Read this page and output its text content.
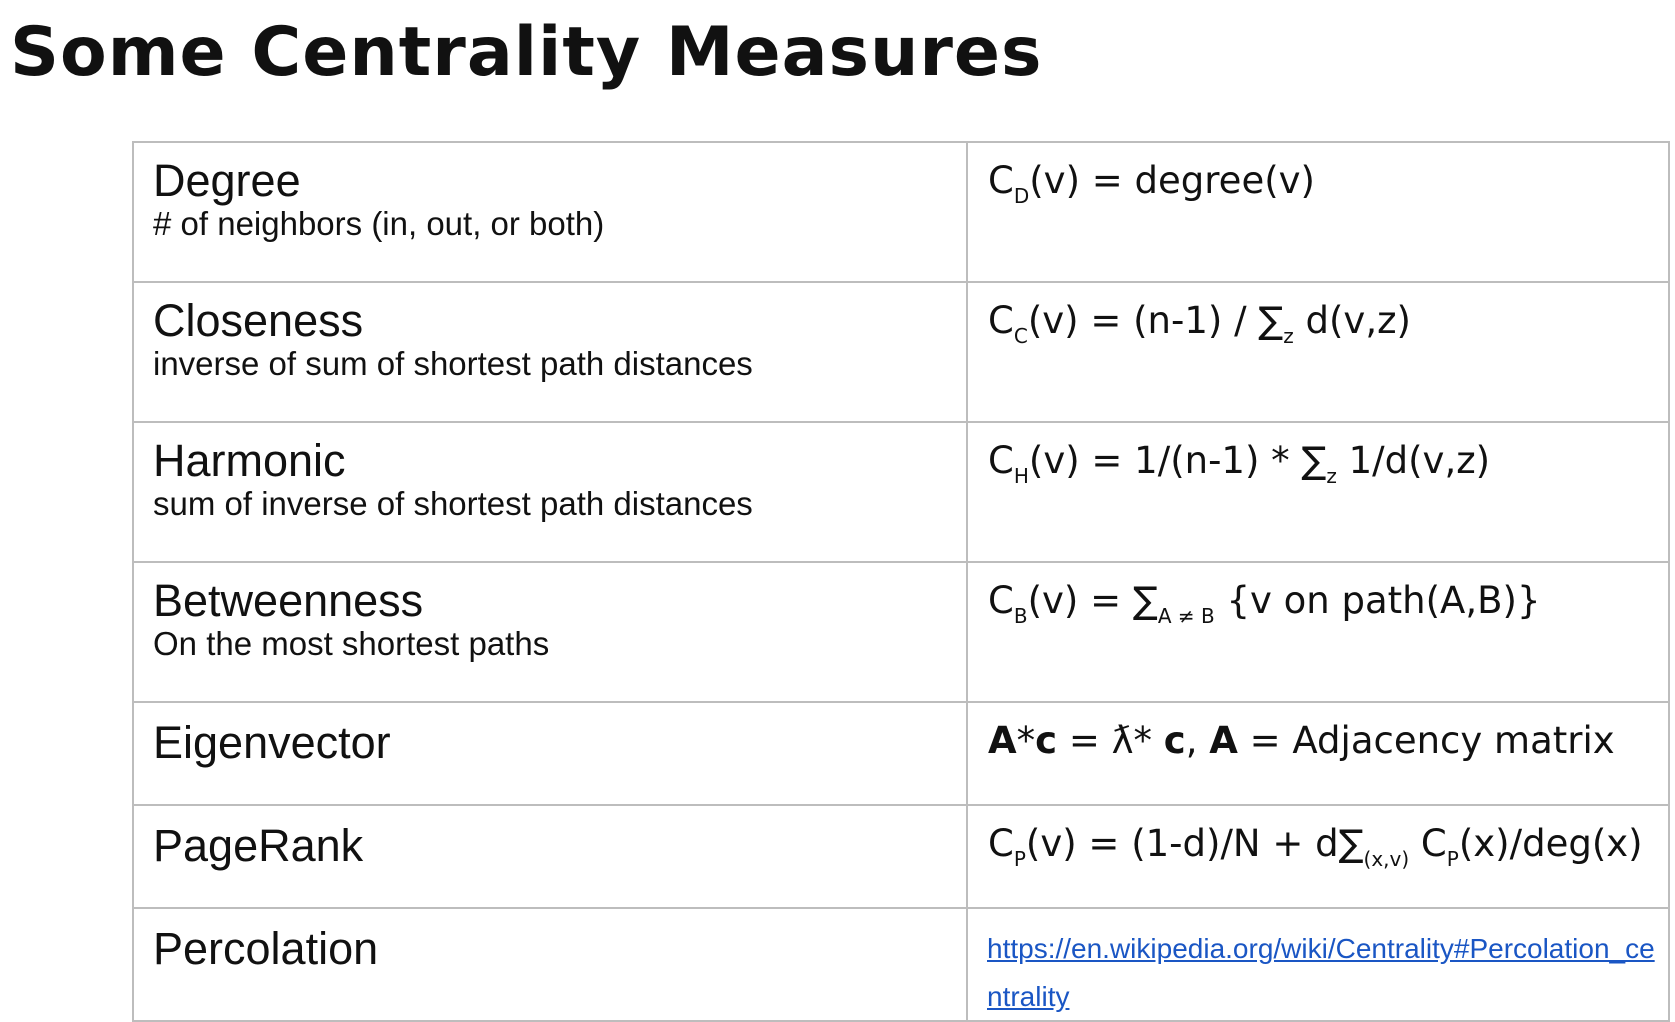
Some Centrality Measures
Degree
# of neighbors (in, out, or both)	$C_D(v)$ = degree(v)

Closeness
inverse of sum of shortest path distances	$C_C(v) = (n-1) / \sum_z$ d(v,z)

Harmonic
sum of inverse of shortest path distances	$C_H(v) = 1/(n-1) * \sum_z$ 1/d(v,z)

Betweenness
On the most shortest paths	$C_B(v) = \sum_{A \ne B}$ {v on path(A,B)}

Eigenvector	A*c = ƛ* c, A = Adjacency matrix

PageRank	$C_P(v) = (1-d)/N + d\sum_{(x,v)}$ $C_P(x)/deg(x)$

Percolation	https://en.wikipedia.org/wiki/Centrality#Percolation_centrality
